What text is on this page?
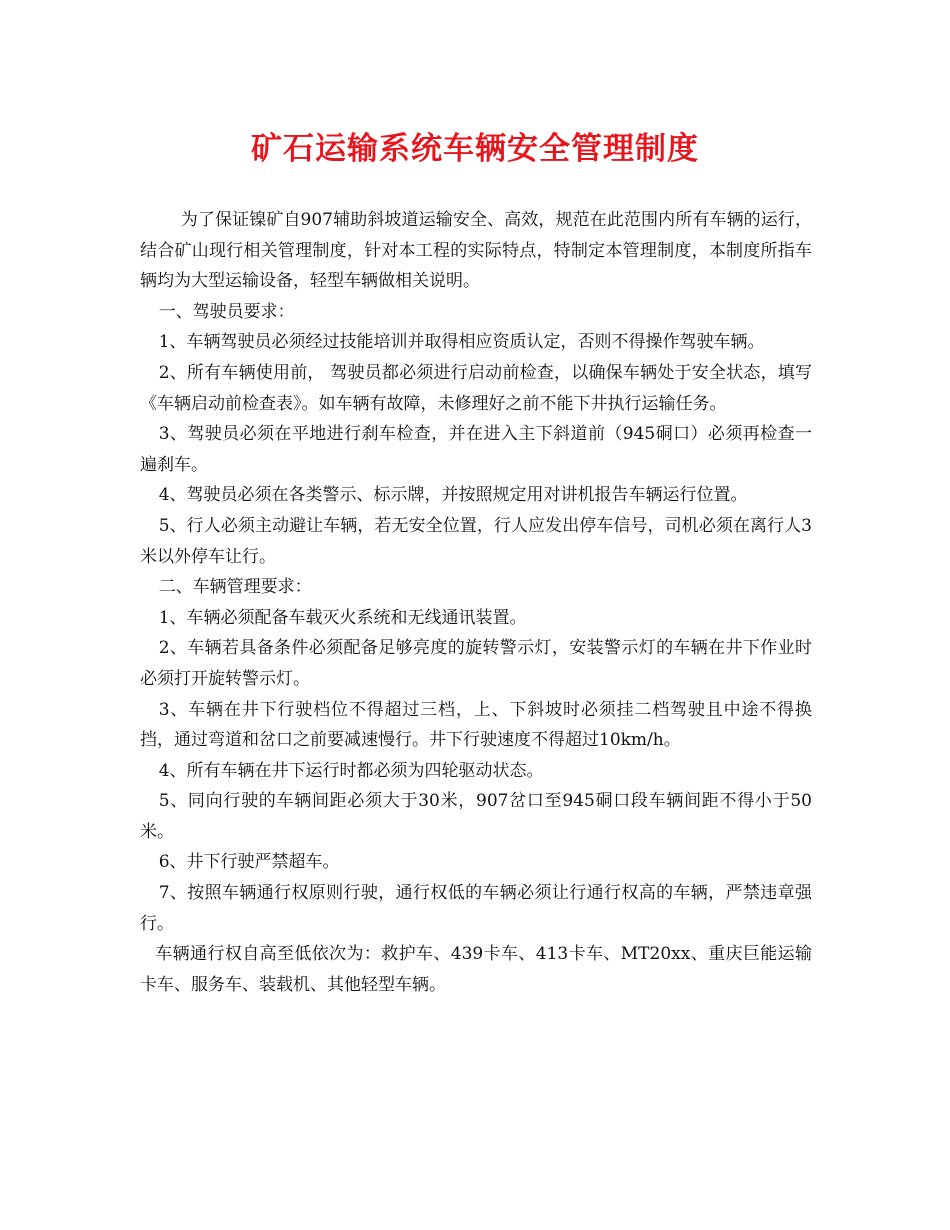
矿石运输系统车辆安全管理制度

为了保证镍矿自907辅助斜坡道运输安全、高效，规范在此范围内所有车辆的运行，结合矿山现行相关管理制度，针对本工程的实际特点，特制定本管理制度，本制度所指车辆均为大型运输设备，轻型车辆做相关说明。

一、驾驶员要求：

1、车辆驾驶员必须经过技能培训并取得相应资质认定，否则不得操作驾驶车辆。

2、所有车辆使用前， 驾驶员都必须进行启动前检查，以确保车辆处于安全状态，填写《车辆启动前检查表》。如车辆有故障，未修理好之前不能下井执行运输任务。

3、驾驶员必须在平地进行刹车检查，并在进入主下斜道前（945硐口）必须再检查一遍刹车。

4、驾驶员必须在各类警示、标示牌，并按照规定用对讲机报告车辆运行位置。

5、行人必须主动避让车辆，若无安全位置，行人应发出停车信号，司机必须在离行人3米以外停车让行。

二、车辆管理要求：

1、车辆必须配备车载灭火系统和无线通讯装置。

2、车辆若具备条件必须配备足够亮度的旋转警示灯，安装警示灯的车辆在井下作业时必须打开旋转警示灯。

3、车辆在井下行驶档位不得超过三档，上、下斜坡时必须挂二档驾驶且中途不得换挡，通过弯道和岔口之前要减速慢行。井下行驶速度不得超过10km/h。

4、所有车辆在井下运行时都必须为四轮驱动状态。

5、同向行驶的车辆间距必须大于30米，907岔口至945硐口段车辆间距不得小于50米。

6、井下行驶严禁超车。

7、按照车辆通行权原则行驶，通行权低的车辆必须让行通行权高的车辆，严禁违章强行。

车辆通行权自高至低依次为：救护车、439卡车、413卡车、MT20xx、重庆巨能运输卡车、服务车、装载机、其他轻型车辆。
